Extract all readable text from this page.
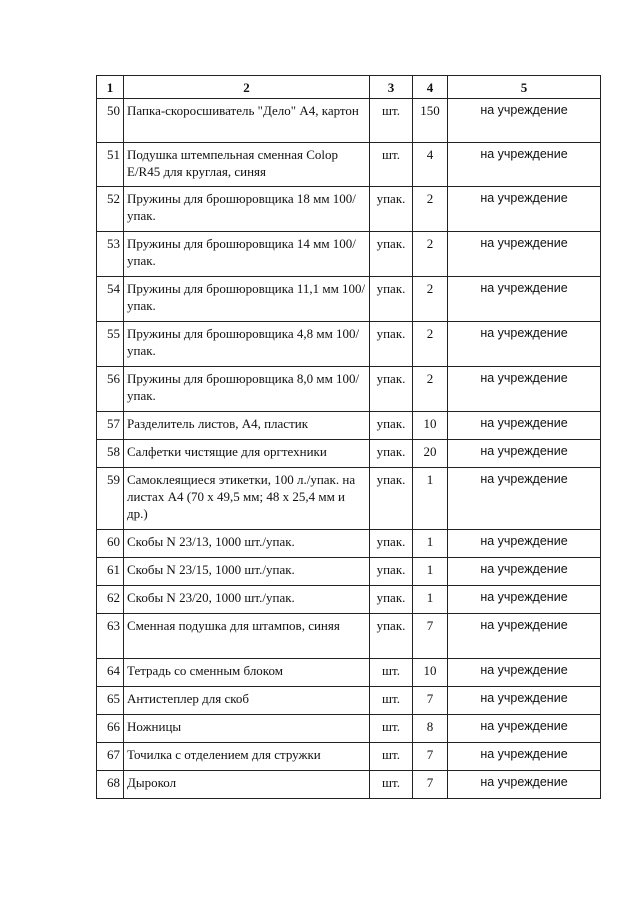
1	2	3	4	5
50	Папка-скоросшиватель "Дело" А4, картон	шт.	150	на учреждение
51	Подушка штемпельная сменная Colop E/R45 для круглая, синяя	шт.	4	на учреждение
52	Пружины для брошюровщика 18 мм 100/упак.	упак.	2	на учреждение
53	Пружины для брошюровщика 14 мм 100/упак.	упак.	2	на учреждение
54	Пружины для брошюровщика 11,1 мм 100/упак.	упак.	2	на учреждение
55	Пружины для брошюровщика 4,8 мм 100/упак.	упак.	2	на учреждение
56	Пружины для брошюровщика 8,0 мм 100/упак.	упак.	2	на учреждение
57	Разделитель листов, А4, пластик	упак.	10	на учреждение
58	Салфетки чистящие для оргтехники	упак.	20	на учреждение
59	Самоклеящиеся этикетки, 100 л./упак. на листах А4 (70 х 49,5 мм; 48 х 25,4 мм и др.)	упак.	1	на учреждение
60	Скобы N 23/13, 1000 шт./упак.	упак.	1	на учреждение
61	Скобы N 23/15, 1000 шт./упак.	упак.	1	на учреждение
62	Скобы N 23/20, 1000 шт./упак.	упак.	1	на учреждение
63	Сменная подушка для штампов, синяя	упак.	7	на учреждение
64	Тетрадь со сменным блоком	шт.	10	на учреждение
65	Антистеплер для скоб	шт.	7	на учреждение
66	Ножницы	шт.	8	на учреждение
67	Точилка с отделением для стружки	шт.	7	на учреждение
68	Дырокол	шт.	7	на учреждение
